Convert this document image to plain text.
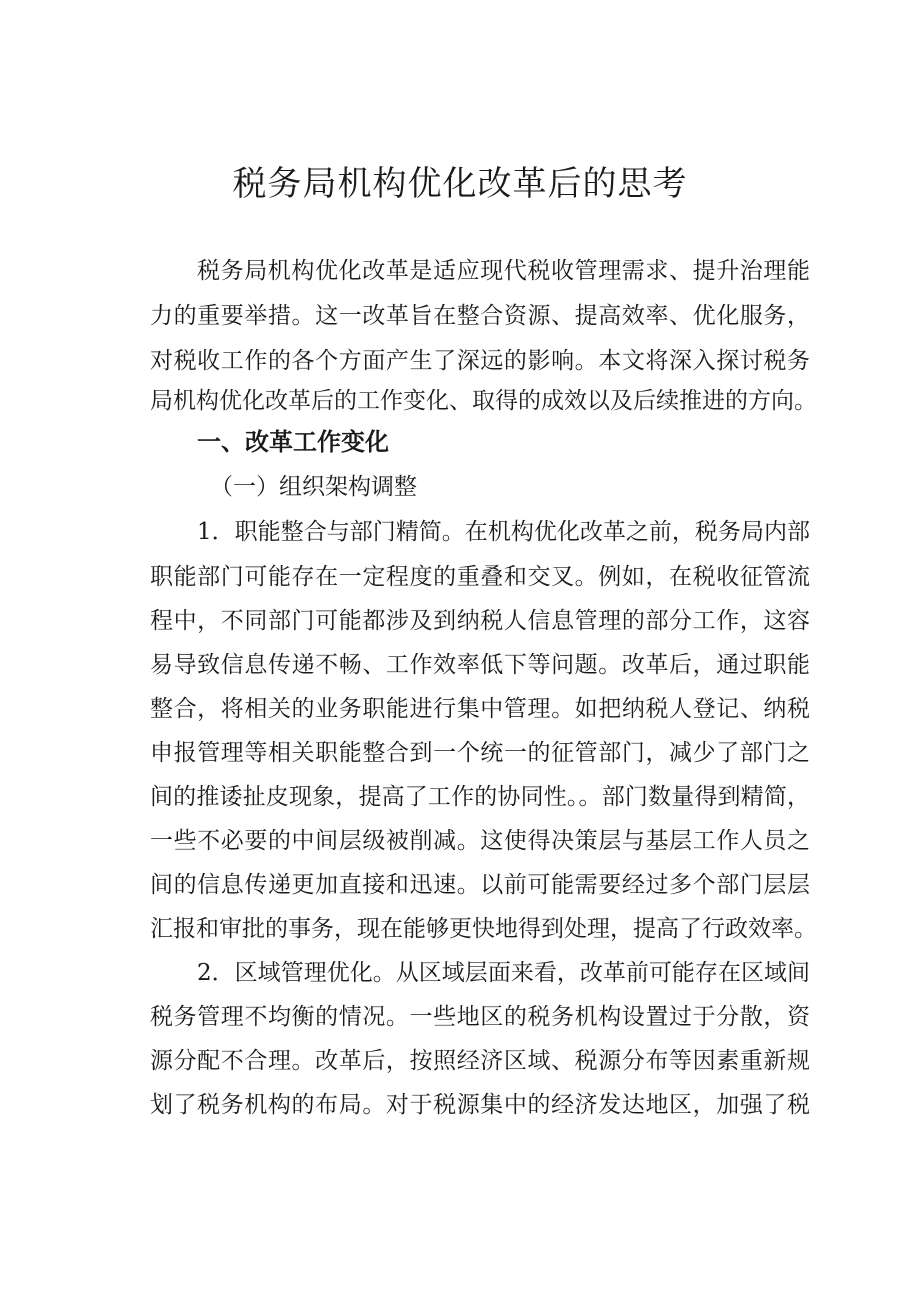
税务局机构优化改革后的思考
税务局机构优化改革是适应现代税收管理需求、提升治理能
力的重要举措。这一改革旨在整合资源、提高效率、优化服务，
对税收工作的各个方面产生了深远的影响。本文将深入探讨税务
局机构优化改革后的工作变化、取得的成效以及后续推进的方向。
一、改革工作变化
（一）组织架构调整
1．职能整合与部门精简。在机构优化改革之前，税务局内部
职能部门可能存在一定程度的重叠和交叉。例如，在税收征管流
程中，不同部门可能都涉及到纳税人信息管理的部分工作，这容
易导致信息传递不畅、工作效率低下等问题。改革后，通过职能
整合，将相关的业务职能进行集中管理。如把纳税人登记、纳税
申报管理等相关职能整合到一个统一的征管部门，减少了部门之
间的推诿扯皮现象，提高了工作的协同性。。部门数量得到精简，
一些不必要的中间层级被削减。这使得决策层与基层工作人员之
间的信息传递更加直接和迅速。以前可能需要经过多个部门层层
汇报和审批的事务，现在能够更快地得到处理，提高了行政效率。
2．区域管理优化。从区域层面来看，改革前可能存在区域间
税务管理不均衡的情况。一些地区的税务机构设置过于分散，资
源分配不合理。改革后，按照经济区域、税源分布等因素重新规
划了税务机构的布局。对于税源集中的经济发达地区，加强了税
